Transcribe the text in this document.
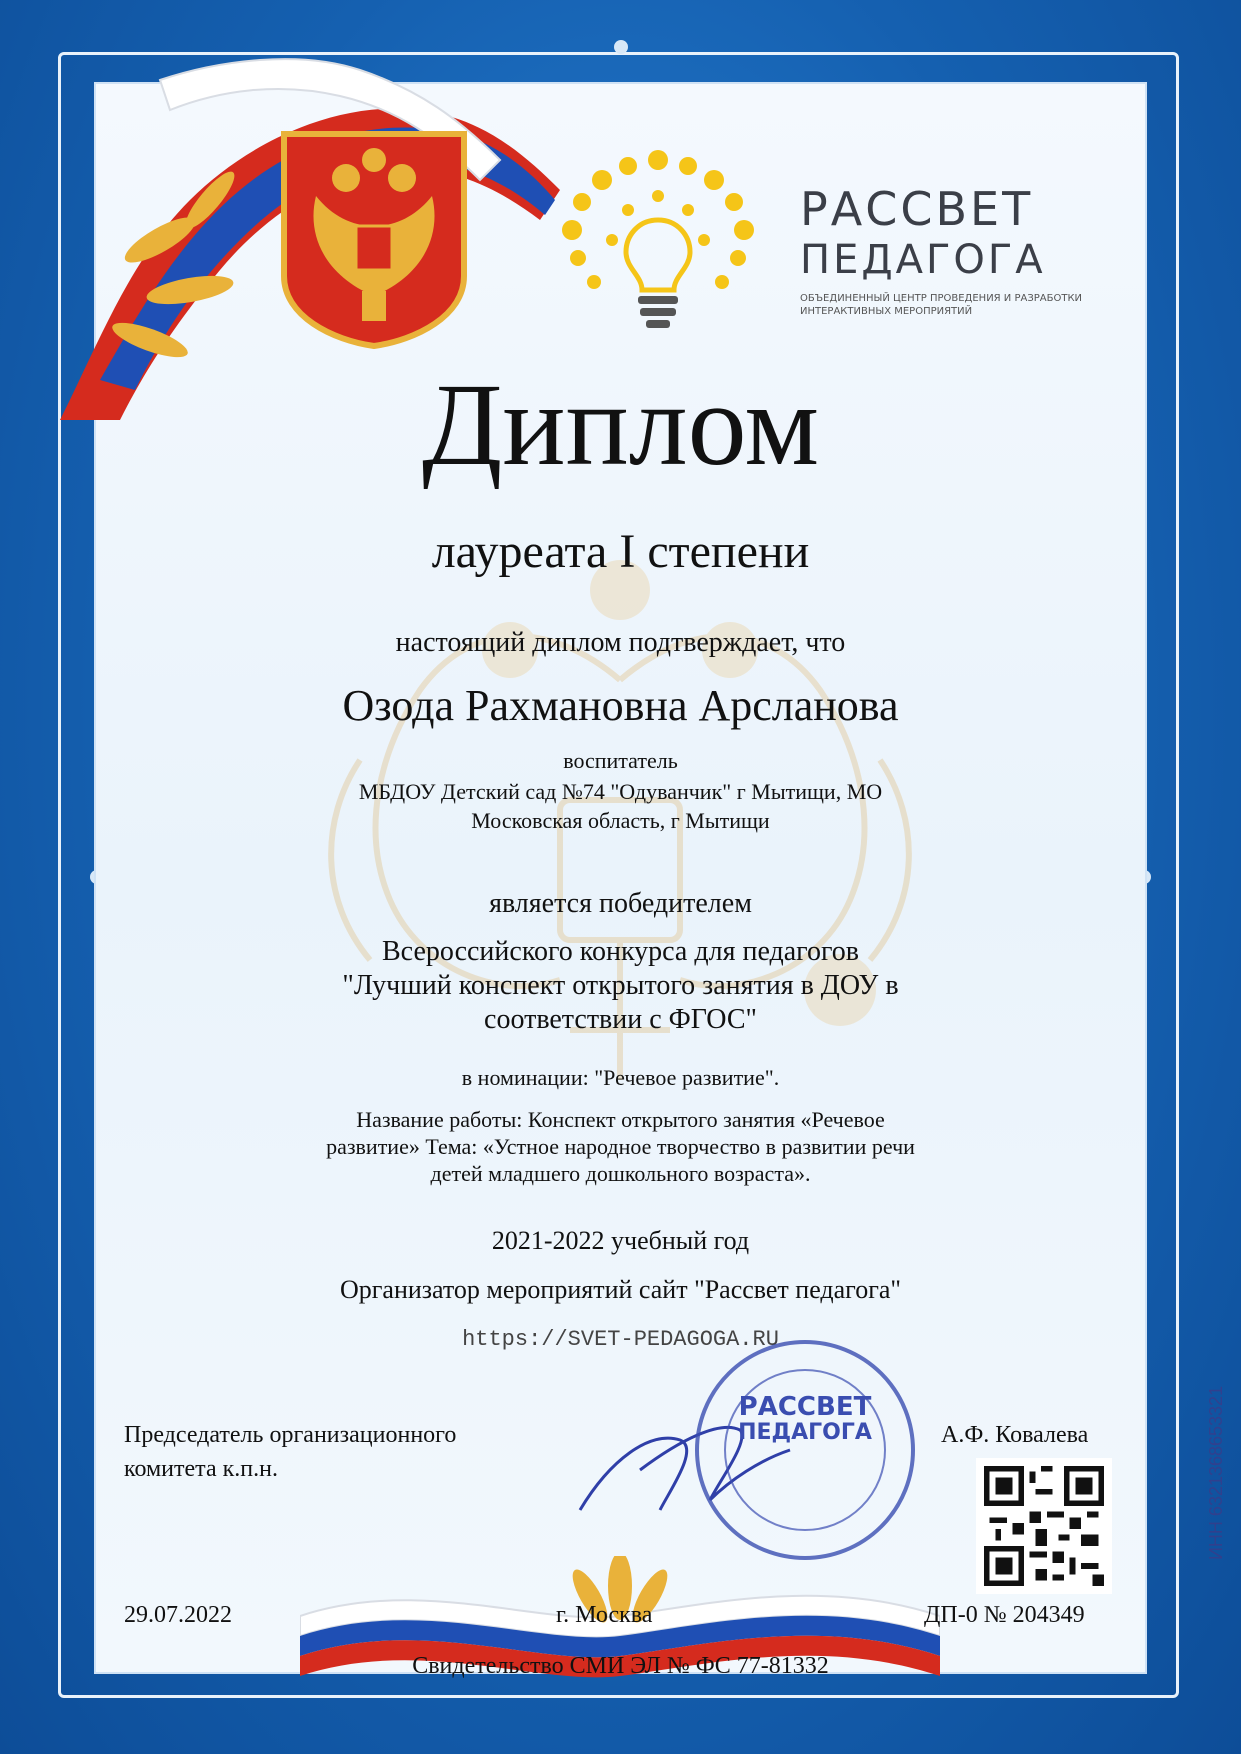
РАССВЕТ
ПЕДАГОГА
ОБЪЕДИНЕННЫЙ ЦЕНТР ПРОВЕДЕНИЯ И РАЗРАБОТКИ
ИНТЕРАКТИВНЫХ МЕРОПРИЯТИЙ
Диплом
лауреата I степени
настоящий диплом подтверждает, что
Озода Рахмановна Арсланова
воспитатель
МБДОУ Детский сад №74 "Одуванчик" г Мытищи, МО
Московская область, г Мытищи
является победителем
Всероссийского конкурса для педагогов
"Лучший конспект открытого занятия в ДОУ в
соответствии с ФГОС"
в номинации: "Речевое развитие".
Название работы: Конспект открытого занятия «Речевое
развитие» Тема: «Устное народное творчество в развитии речи
детей младшего дошкольного возраста».
2021-2022 учебный год
Организатор мероприятий сайт "Рассвет педагога"
https://SVET-PEDAGOGA.RU
Председатель организационного
комитета к.п.н.
А.Ф. Ковалева
РАССВЕТ
ПЕДАГОГА	ИНН 6321368653321
29.07.2022	г. Москва	ДП-0 № 204349
Свидетельство СМИ ЭЛ № ФС 77-81332
